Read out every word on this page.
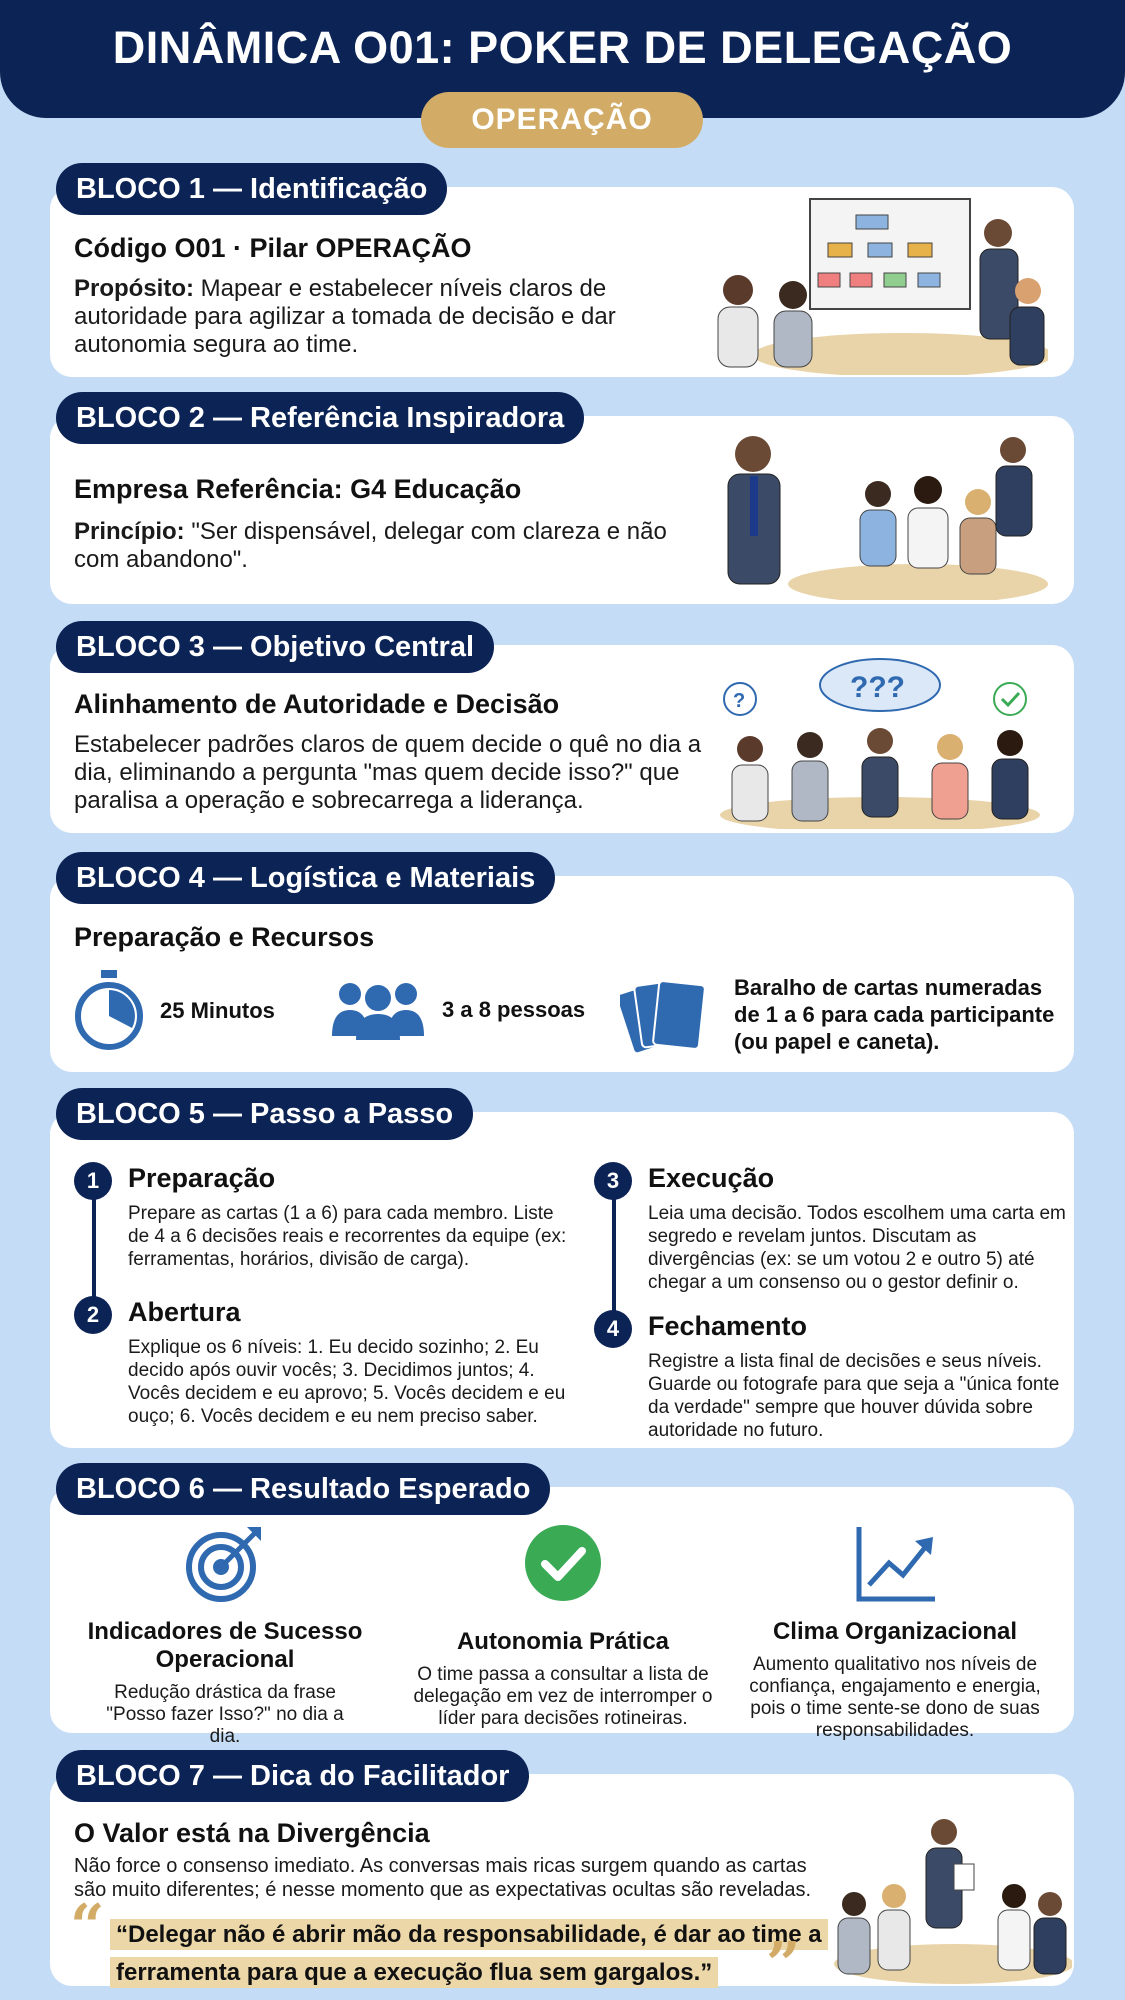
DINÂMICA O01: POKER DE DELEGAÇÃO
OPERAÇÃO
BLOCO 1 — Identificação
Código O01 · Pilar OPERAÇÃO
Propósito: Mapear e estabelecer níveis claros de autoridade para agilizar a tomada de decisão e dar autonomia segura ao time.
BLOCO 2 — Referência Inspiradora
Empresa Referência: G4 Educação
Princípio: "Ser dispensável, delegar com clareza e não com abandono".
BLOCO 3 — Objetivo Central
Alinhamento de Autoridade e Decisão
Estabelecer padrões claros de quem decide o quê no dia a dia, eliminando a pergunta "mas quem decide isso?" que paralisa a operação e sobrecarrega a liderança.
???
?
BLOCO 4 — Logística e Materiais
Preparação e Recursos
25 Minutos	3 a 8 pessoas
Baralho de cartas numeradas de 1 a 6 para cada participante (ou papel e caneta).
BLOCO 5 — Passo a Passo
1	Preparação
Prepare as cartas (1 a 6) para cada membro. Liste de 4 a 6 decisões reais e recorrentes da equipe (ex: ferramentas, horários, divisão de carga).
2	Abertura
Explique os 6 níveis: 1. Eu decido sozinho; 2. Eu decido após ouvir vocês; 3. Decidimos juntos; 4. Vocês decidem e eu aprovo; 5. Vocês decidem e eu ouço; 6. Vocês decidem e eu nem preciso saber.
3	Execução
Leia uma decisão. Todos escolhem uma carta em segredo e revelam juntos. Discutam as divergências (ex: se um votou 2 e outro 5) até chegar a um consenso ou o gestor definir o.
4	Fechamento
Registre a lista final de decisões e seus níveis. Guarde ou fotografe para que seja a "única fonte da verdade" sempre que houver dúvida sobre autoridade no futuro.
BLOCO 6 — Resultado Esperado
Indicadores de Sucesso Operacional
Redução drástica da frase "Posso fazer Isso?" no dia a dia.
Autonomia Prática
O time passa a consultar a lista de delegação em vez de interromper o líder para decisões rotineiras.
Clima Organizacional
Aumento qualitativo nos níveis de confiança, engajamento e energia, pois o time sente-se dono de suas responsabilidades.
BLOCO 7 — Dica do Facilitador
O Valor está na Divergência
Não force o consenso imediato. As conversas mais ricas surgem quando as cartas são muito diferentes; é nesse momento que as expectativas ocultas são reveladas.
“ “Delegar não é abrir mão da responsabilidade, é dar ao time a ferramenta para que a execução flua sem gargalos.” ”
